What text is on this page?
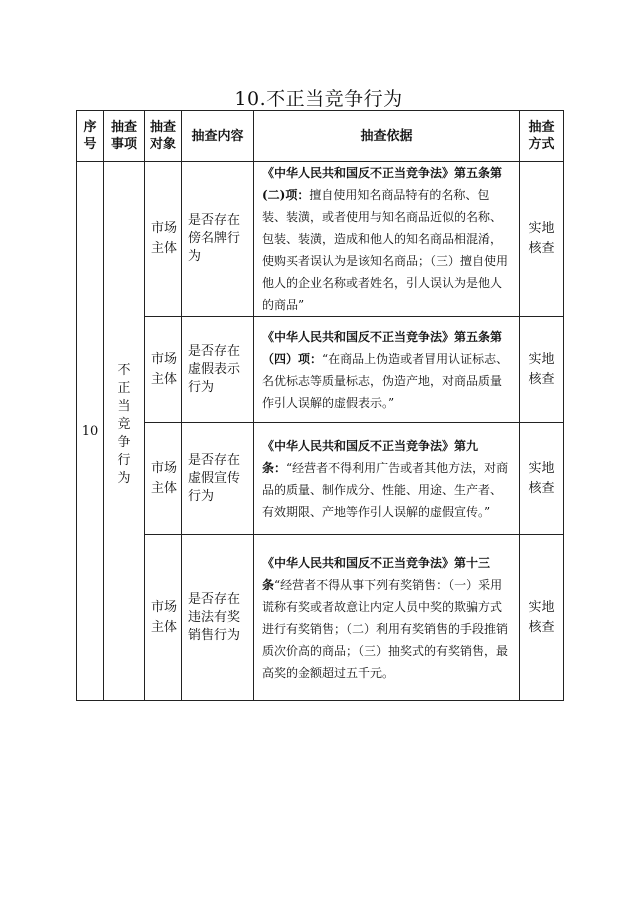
10.不正当竞争行为
序号	抽查事项	抽查对象	抽查内容	抽查依据	抽查方式
10	不正当竞争行为	市场主体	是否存在傍名牌行为	《中华人民共和国反不正当竞争法》第五条第(二)项：擅自使用知名商品特有的名称、包装、装潢，或者使用与知名商品近似的名称、包装、装潢，造成和他人的知名商品相混淆，使购买者误认为是该知名商品；（三）擅自使用他人的企业名称或者姓名，引人误认为是他人的商品”	实地核查

		市场主体	是否存在虚假表示行为	《中华人民共和国反不正当竞争法》第五条第（四）项：“在商品上伪造或者冒用认证标志、名优标志等质量标志，伪造产地，对商品质量作引人误解的虚假表示。”	实地核查

		市场主体	是否存在虚假宣传行为	《中华人民共和国反不正当竞争法》第九条：“经营者不得利用广告或者其他方法，对商品的质量、制作成分、性能、用途、生产者、有效期限、产地等作引人误解的虚假宣传。”	实地核查

		市场主体	是否存在违法有奖销售行为	《中华人民共和国反不正当竞争法》第十三条“经营者不得从事下列有奖销售：（一）采用谎称有奖或者故意让内定人员中奖的欺骗方式进行有奖销售；（二）利用有奖销售的手段推销质次价高的商品；（三）抽奖式的有奖销售，最高奖的金额超过五千元。	实地核查
